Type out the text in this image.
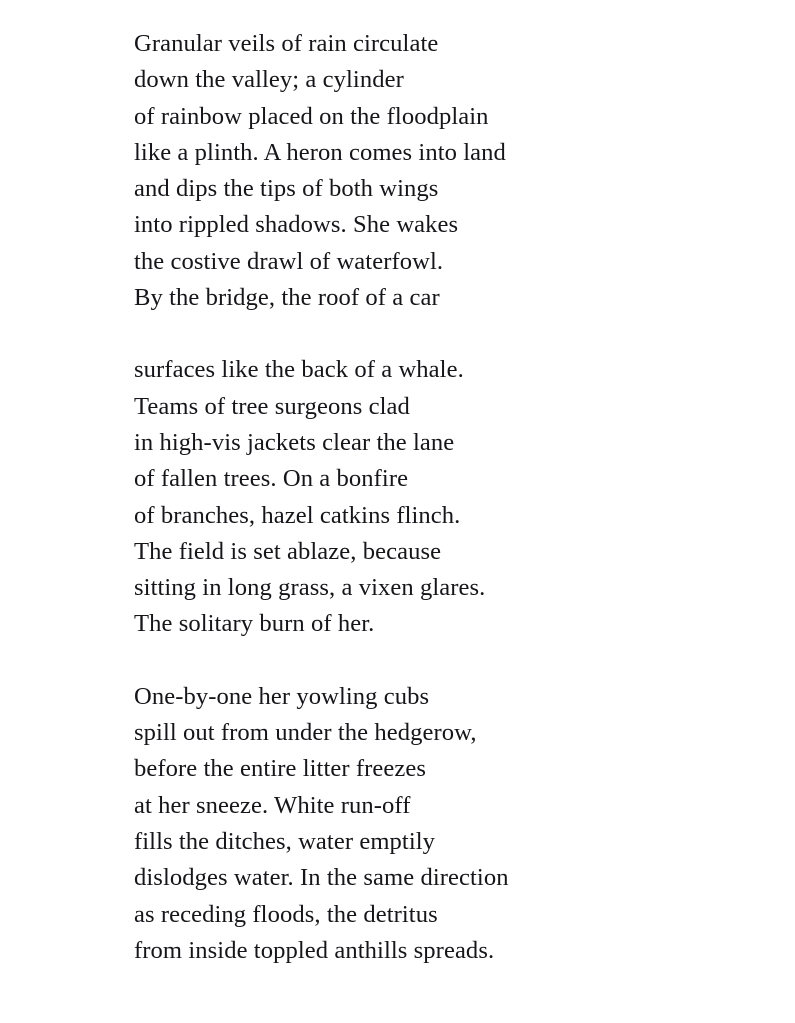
Granular veils of rain circulate
down the valley; a cylinder
of rainbow placed on the floodplain
like a plinth. A heron comes into land
and dips the tips of both wings
into rippled shadows. She wakes
the costive drawl of waterfowl.
By the bridge, the roof of a car
surfaces like the back of a whale.
Teams of tree surgeons clad
in high-vis jackets clear the lane
of fallen trees. On a bonfire
of branches, hazel catkins flinch.
The field is set ablaze, because
sitting in long grass, a vixen glares.
The solitary burn of her.
One-by-one her yowling cubs
spill out from under the hedgerow,
before the entire litter freezes
at her sneeze. White run-off
fills the ditches, water emptily
dislodges water. In the same direction
as receding floods, the detritus
from inside toppled anthills spreads.
